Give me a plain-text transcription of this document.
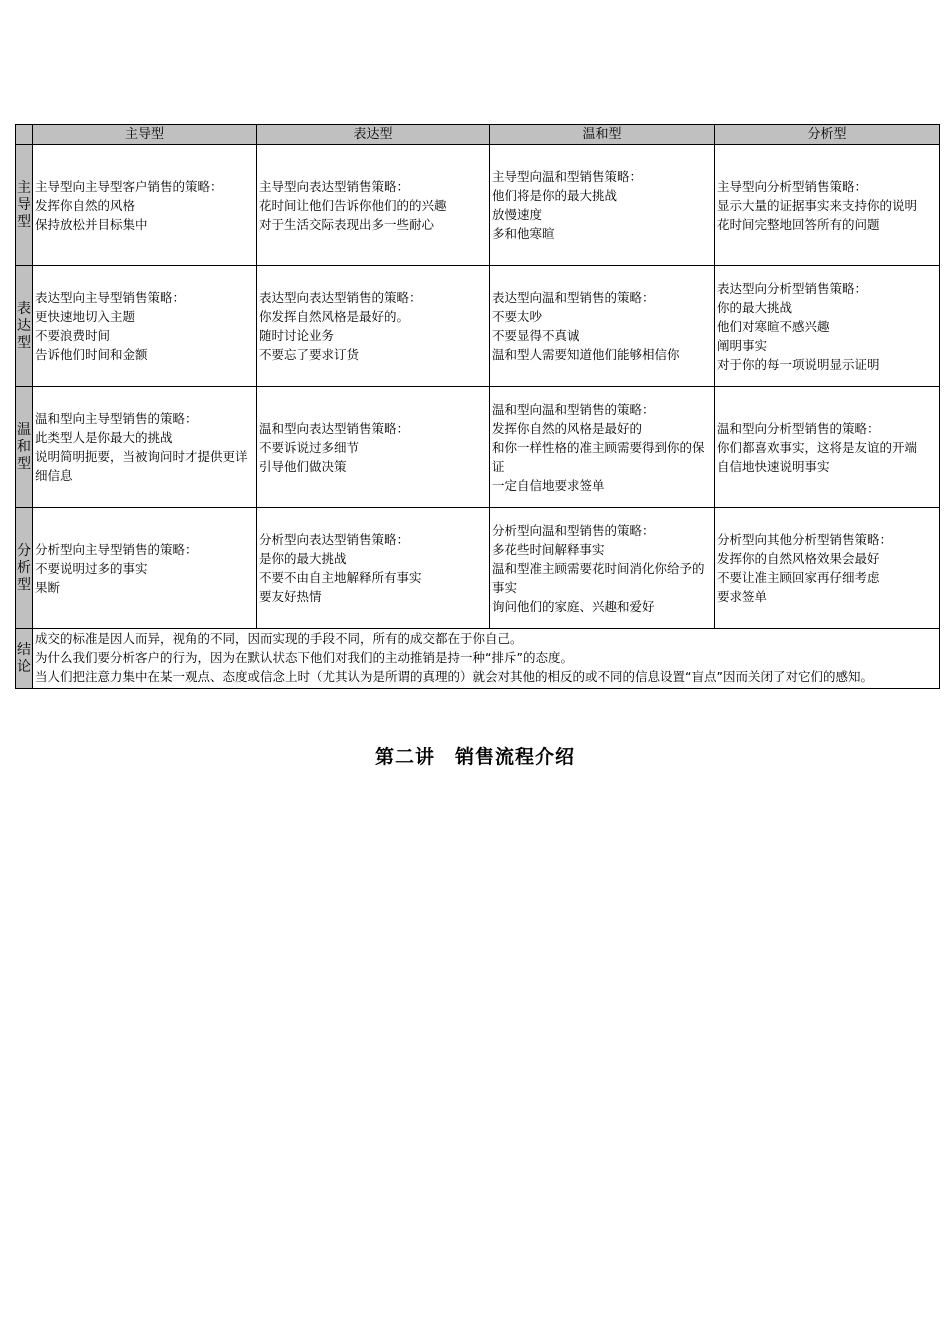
	主导型	表达型	温和型	分析型

主
导
型	主导型向主导型客户销售的策略：
发挥你自然的风格
保持放松并目标集中	主导型向表达型销售策略：
花时间让他们告诉你他们的的兴趣
对于生活交际表现出多一些耐心	主导型向温和型销售策略：
他们将是你的最大挑战
放慢速度
多和他寒暄	主导型向分析型销售策略：
显示大量的证据事实来支持你的说明
花时间完整地回答所有的问题

表
达
型	表达型向主导型销售策略：
更快速地切入主题
不要浪费时间
告诉他们时间和金额	表达型向表达型销售的策略：
你发挥自然风格是最好的。
随时讨论业务
不要忘了要求订货	表达型向温和型销售的策略：
不要太吵
不要显得不真诚
温和型人需要知道他们能够相信你	表达型向分析型销售策略：
你的最大挑战
他们对寒暄不感兴趣
阐明事实
对于你的每一项说明显示证明

温
和
型	温和型向主导型销售的策略：
此类型人是你最大的挑战
说明简明扼要，当被询问时才提供更详细信息	温和型向表达型销售策略：
不要诉说过多细节
引导他们做决策	温和型向温和型销售的策略：
发挥你自然的风格是最好的
和你一样性格的准主顾需要得到你的保证
一定自信地要求签单	温和型向分析型销售的策略：
你们都喜欢事实，这将是友谊的开端
自信地快速说明事实

分
析
型	分析型向主导型销售的策略：
不要说明过多的事实
果断	分析型向表达型销售策略：
是你的最大挑战
不要不由自主地解释所有事实
要友好热情	分析型向温和型销售的策略：
多花些时间解释事实
温和型准主顾需要花时间消化你给予的事实
询问他们的家庭、兴趣和爱好	分析型向其他分析型销售策略：
发挥你的自然风格效果会最好
不要让准主顾回家再仔细考虑
要求签单

结
论	成交的标准是因人而异，视角的不同，因而实现的手段不同，所有的成交都在于你自己。
为什么我们要分析客户的行为，因为在默认状态下他们对我们的主动推销是持一种“排斥”的态度。
当人们把注意力集中在某一观点、态度或信念上时（尤其认为是所谓的真理的）就会对其他的相反的或不同的信息设置“盲点”因而关闭了对它们的感知。			
第二讲　销售流程介绍
